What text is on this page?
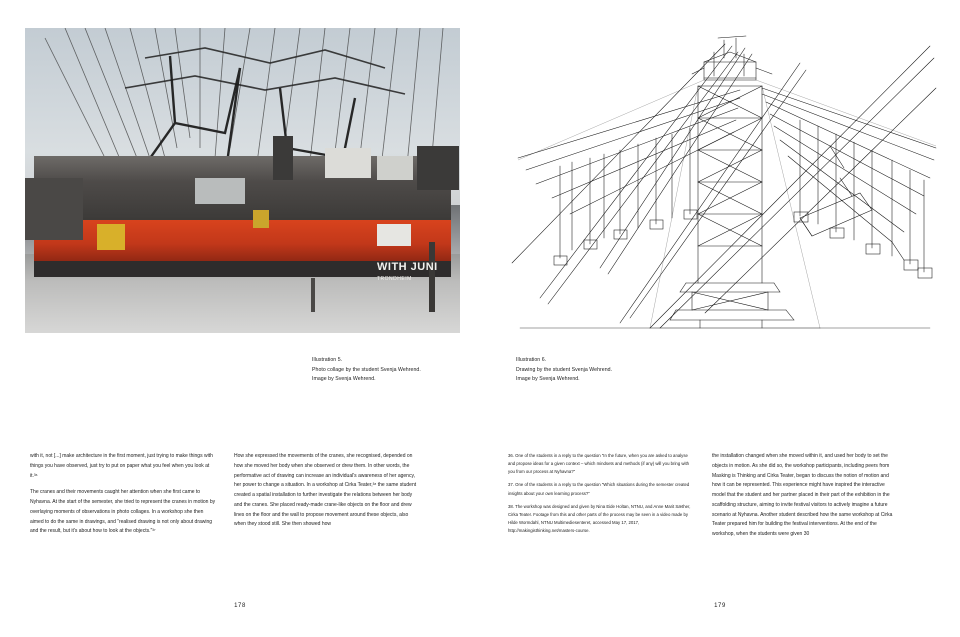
WITH JUNI
TRONDHEIM
Illustration 5.
Photo collage by the student Svenja Wehrend.
Image by Svenja Wehrend.

with it, not [...] make architecture in the first moment, just trying to make things with things you have observed, just try to put on paper what you feel when you look at it.³⁶

The cranes and their movements caught her attention when she first came to Nyhavna. At the start of the semester, she tried to represent the cranes in motion by overlaying moments of observations in photo collages. In a workshop she then aimed to do the same in drawings, and “realised drawing is not only about drawing and the result, but it's about how to look at the objects.”³⁷

How she expressed the movements of the cranes, she recognised, depended on how she moved her body when she observed or drew them. In other words, the performative act of drawing can increase an individual's awareness of her agency, her power to change a situation. In a workshop at Cirka Teater,³⁸ the same student created a spatial installation to further investigate the relations between her body and the cranes. She placed ready-made crane-like objects on the floor and drew lines on the floor and the wall to propose movement around these objects, also when they stood still. She then showed how

178
Illustration 6.
Drawing by the student Svenja Wehrend.
Image by Svenja Wehrend.

36. One of the students in a reply to the question “In the future, when you are asked to analyse and propose ideas for a given context – which mindsets and methods (if any) will you bring with you from our process at Nyhavna?”

37. One of the students in a reply to the question “Which situations during the semester created insights about your own learning process?”

38. The workshop was designed and given by Nina Eide Holtan, NTNU, and Anne Marit Sæther, Cirka Teater. Footage from this and other parts of the process may be seen in a video made by Hilde Wormdahl, NTNU Multimediesenteret, accessed May 17, 2017, http://makingisthinking.net/masters-course.

the installation changed when she moved within it, and used her body to set the objects in motion. As she did so, the workshop participants, including peers from Masking is Thinking and Cirka Teater, began to discuss the notion of motion and how it can be represented. This experience might have inspired the interactive model that the student and her partner placed in their part of the exhibition in the scaffolding structure, aiming to invite festival visitors to actively imagine a future scenario at Nyhavna. Another student described how the same workshop at Cirka Teater prepared him for building the festival interventions. At the end of the workshop, when the students were given 30

179
